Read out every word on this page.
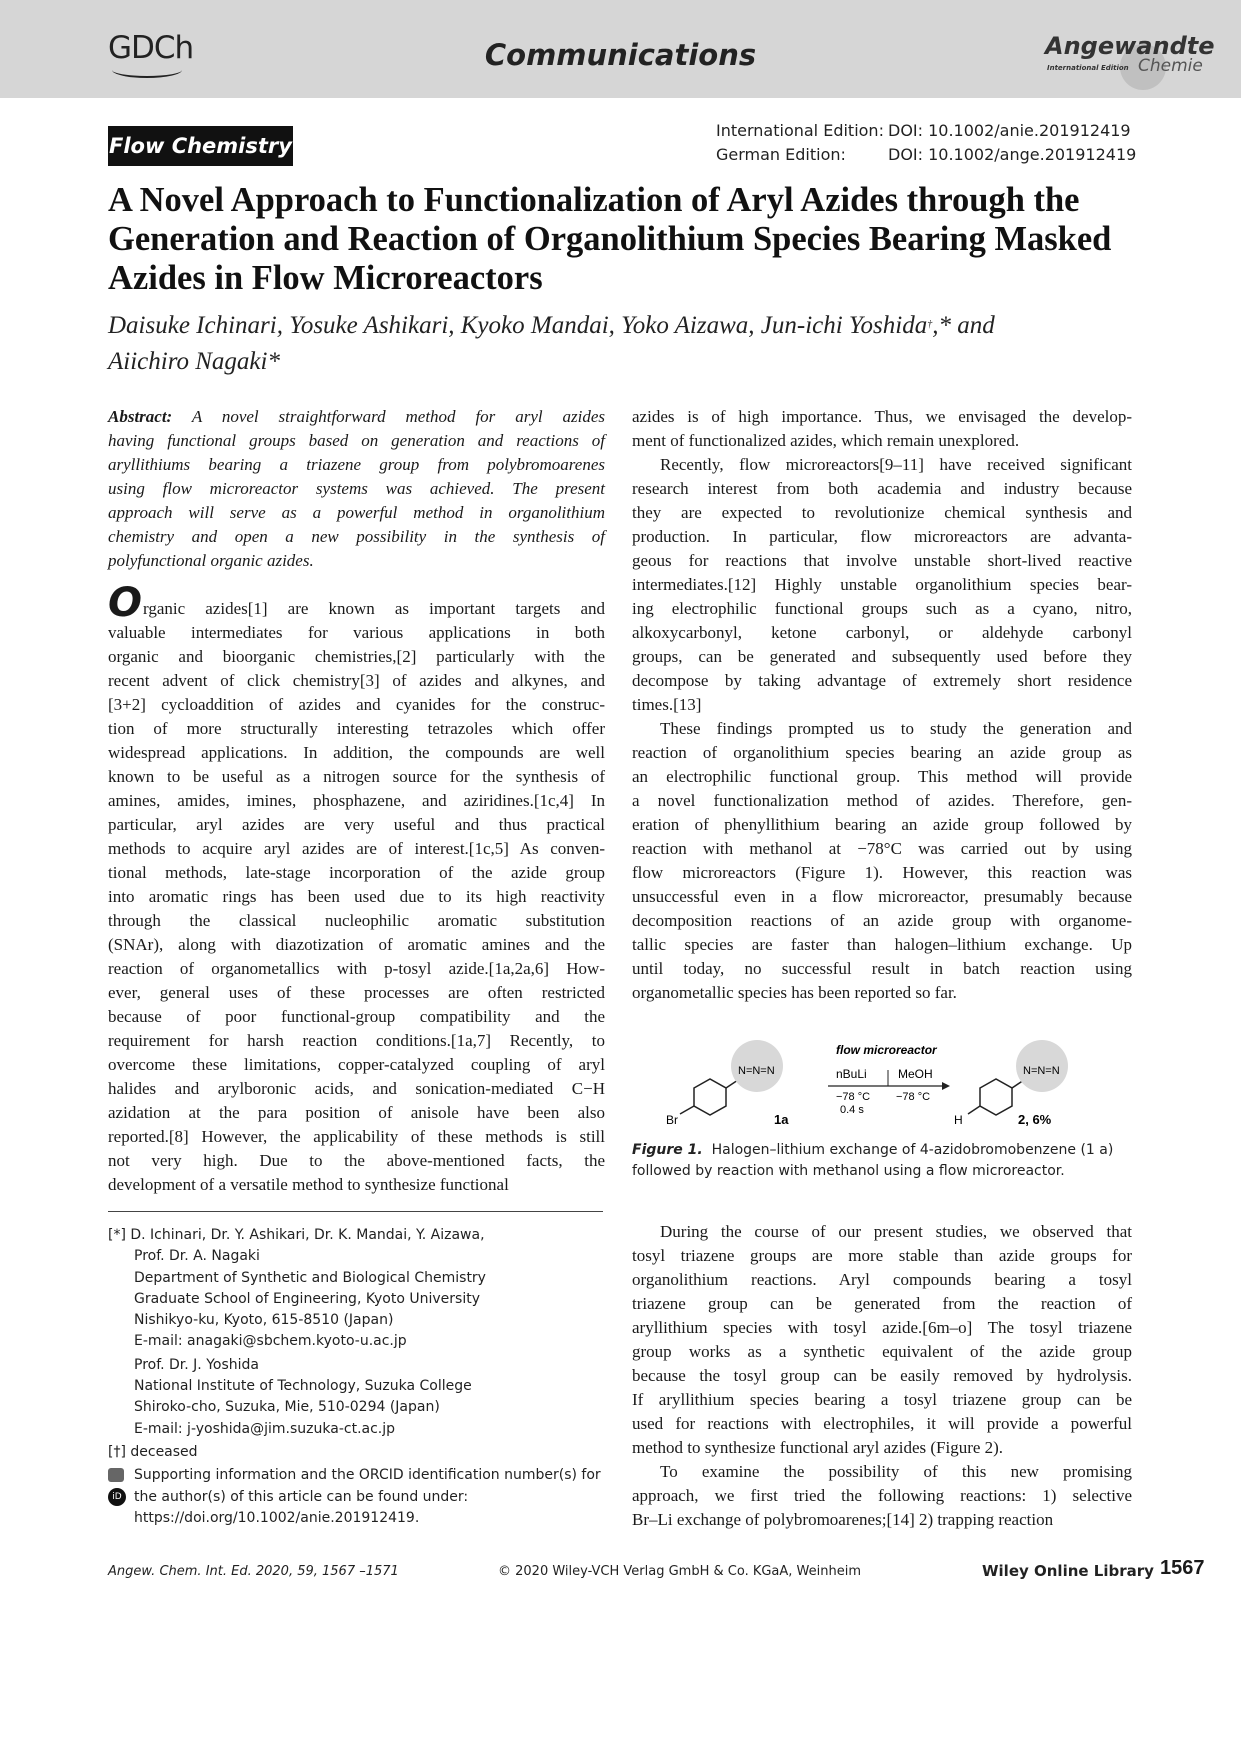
GDCh	Communications	Angewandte
International Edition Chemie
Flow Chemistry
International Edition: DOI: 10.1002/anie.201912419
German Edition:	DOI: 10.1002/ange.201912419
A Novel Approach to Functionalization of Aryl Azides through the
Generation and Reaction of Organolithium Species Bearing Masked
Azides in Flow Microreactors
Daisuke Ichinari, Yosuke Ashikari, Kyoko Mandai, Yoko Aizawa, Jun-ichi Yoshida†,* and
Aiichiro Nagaki*
Abstract: A novel straightforward method for aryl azides
having functional groups based on generation and reactions of
aryllithiums bearing a triazene group from polybromoarenes
using flow microreactor systems was achieved. The present
approach will serve as a powerful method in organolithium
chemistry and open a new possibility in the synthesis of
polyfunctional organic azides.
O rganic azides[1] are known as important targets and
valuable intermediates for various applications in both
organic and bioorganic chemistries,[2] particularly with the
recent advent of click chemistry[3] of azides and alkynes, and
[3+2] cycloaddition of azides and cyanides for the construc-
tion of more structurally interesting tetrazoles which offer
widespread applications. In addition, the compounds are well
known to be useful as a nitrogen source for the synthesis of
amines, amides, imines, phosphazene, and aziridines.[1c,4] In
particular, aryl azides are very useful and thus practical
methods to acquire aryl azides are of interest.[1c,5] As conven-
tional methods, late-stage incorporation of the azide group
into aromatic rings has been used due to its high reactivity
through the classical nucleophilic aromatic substitution
(SNAr), along with diazotization of aromatic amines and the
reaction of organometallics with p-tosyl azide.[1a,2a,6] How-
ever, general uses of these processes are often restricted
because of poor functional-group compatibility and the
requirement for harsh reaction conditions.[1a,7] Recently, to
overcome these limitations, copper-catalyzed coupling of aryl
halides and arylboronic acids, and sonication-mediated C−H
azidation at the para position of anisole have been also
reported.[8] However, the applicability of these methods is still
not very high. Due to the above-mentioned facts, the
development of a versatile method to synthesize functional
[*] D. Ichinari, Dr. Y. Ashikari, Dr. K. Mandai, Y. Aizawa,
Prof. Dr. A. Nagaki
Department of Synthetic and Biological Chemistry
Graduate School of Engineering, Kyoto University
Nishikyo-ku, Kyoto, 615-8510 (Japan)
E-mail: anagaki@sbchem.kyoto-u.ac.jp
Prof. Dr. J. Yoshida
National Institute of Technology, Suzuka College
Shiroko-cho, Suzuka, Mie, 510-0294 (Japan)
E-mail: j-yoshida@jim.suzuka-ct.ac.jp
[†] deceased
Supporting information and the ORCID identification number(s) for
iD the author(s) of this article can be found under:
https://doi.org/10.1002/anie.201912419.
azides is of high importance. Thus, we envisaged the develop-
ment of functionalized azides, which remain unexplored.
Recently, flow microreactors[9–11] have received significant
research interest from both academia and industry because
they are expected to revolutionize chemical synthesis and
production. In particular, flow microreactors are advanta-
geous for reactions that involve unstable short-lived reactive
intermediates.[12] Highly unstable organolithium species bear-
ing electrophilic functional groups such as a cyano, nitro,
alkoxycarbonyl, ketone carbonyl, or aldehyde carbonyl
groups, can be generated and subsequently used before they
decompose by taking advantage of extremely short residence
times.[13]
These findings prompted us to study the generation and
reaction of organolithium species bearing an azide group as
an electrophilic functional group. This method will provide
a novel functionalization method of azides. Therefore, gen-
eration of phenyllithium bearing an azide group followed by
reaction with methanol at −78°C was carried out by using
flow microreactors (Figure 1). However, this reaction was
unsuccessful even in a flow microreactor, presumably because
decomposition reactions of an azide group with organome-
tallic species are faster than halogen–lithium exchange. Up
until today, no successful result in batch reaction using
organometallic species has been reported so far.
N=N=N
Br	1a
flow microreactor
nBuLi	MeOH
−78 °C
0.4 s
−78 °C
N=N=N
H	2, 6%
Figure 1. Halogen–lithium exchange of 4-azidobromobenzene (1 a)
followed by reaction with methanol using a flow microreactor.
During the course of our present studies, we observed that
tosyl triazene groups are more stable than azide groups for
organolithium reactions. Aryl compounds bearing a tosyl
triazene group can be generated from the reaction of
aryllithium species with tosyl azide.[6m–o] The tosyl triazene
group works as a synthetic equivalent of the azide group
because the tosyl group can be easily removed by hydrolysis.
If aryllithium species bearing a tosyl triazene group can be
used for reactions with electrophiles, it will provide a powerful
method to synthesize functional aryl azides (Figure 2).
To examine the possibility of this new promising
approach, we first tried the following reactions: 1) selective
Br–Li exchange of polybromoarenes;[14] 2) trapping reaction
Angew. Chem. Int. Ed. 2020, 59, 1567 –1571	© 2020 Wiley-VCH Verlag GmbH & Co. KGaA, Weinheim	Wiley Online Library 1567
